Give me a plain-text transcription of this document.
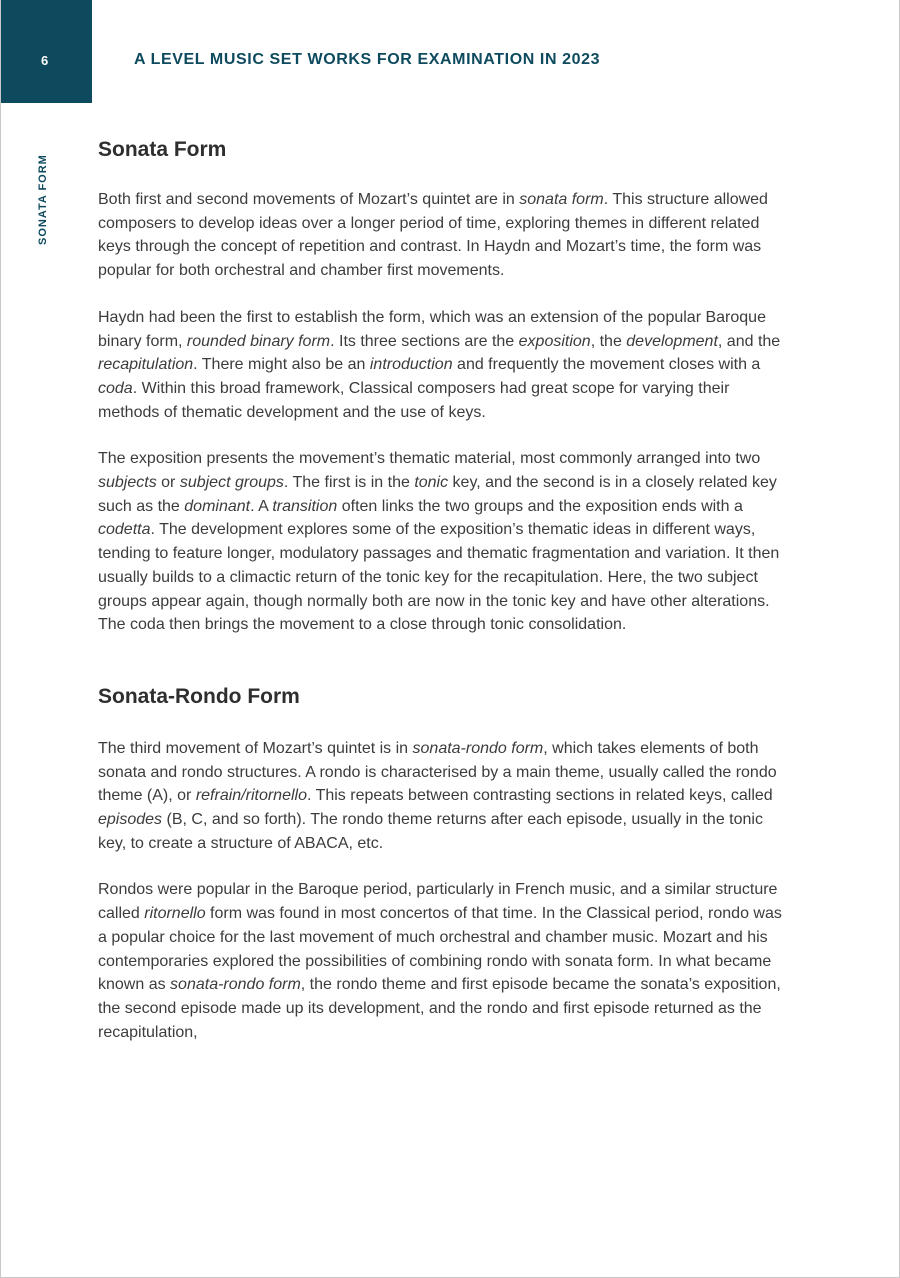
6	A LEVEL MUSIC SET WORKS FOR EXAMINATION IN 2023
SONATA FORM
Sonata Form

Both first and second movements of Mozart’s quintet are in sonata form. This structure allowed composers to develop ideas over a longer period of time, exploring themes in different related keys through the concept of repetition and contrast. In Haydn and Mozart’s time, the form was popular for both orchestral and chamber first movements.

Haydn had been the first to establish the form, which was an extension of the popular Baroque binary form, rounded binary form. Its three sections are the exposition, the development, and the recapitulation. There might also be an introduction and frequently the movement closes with a coda. Within this broad framework, Classical composers had great scope for varying their methods of thematic development and the use of keys.

The exposition presents the movement’s thematic material, most commonly arranged into two subjects or subject groups. The first is in the tonic key, and the second is in a closely related key such as the dominant. A transition often links the two groups and the exposition ends with a codetta. The development explores some of the exposition’s thematic ideas in different ways, tending to feature longer, modulatory passages and thematic fragmentation and variation. It then usually builds to a climactic return of the tonic key for the recapitulation. Here, the two subject groups appear again, though normally both are now in the tonic key and have other alterations. The coda then brings the movement to a close through tonic consolidation.

Sonata-Rondo Form

The third movement of Mozart’s quintet is in sonata-rondo form, which takes elements of both sonata and rondo structures. A rondo is characterised by a main theme, usually called the rondo theme (A), or refrain/ritornello. This repeats between contrasting sections in related keys, called episodes (B, C, and so forth). The rondo theme returns after each episode, usually in the tonic key, to create a structure of ABACA, etc.

Rondos were popular in the Baroque period, particularly in French music, and a similar structure called ritornello form was found in most concertos of that time. In the Classical period, rondo was a popular choice for the last movement of much orchestral and chamber music. Mozart and his contemporaries explored the possibilities of combining rondo with sonata form. In what became known as sonata-rondo form, the rondo theme and first episode became the sonata’s exposition, the second episode made up its development, and the rondo and first episode returned as the recapitulation,
